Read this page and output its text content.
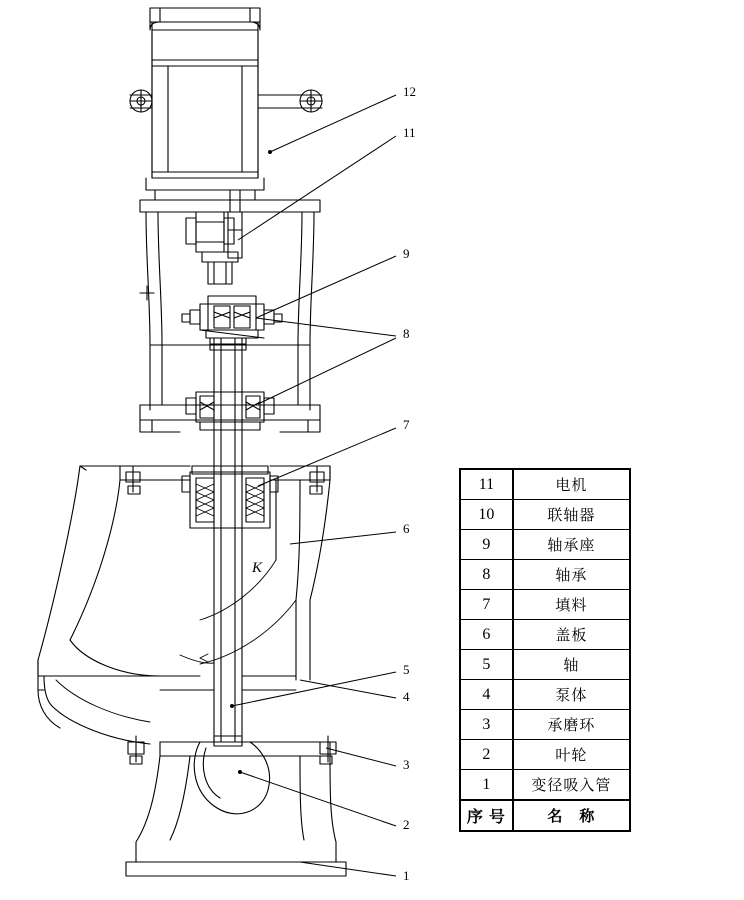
12
11
9
8
7
6
5
4
3
2
1
K
11	电机
10	联轴器
9	轴承座
8	轴承
7	填料
6	盖板
5	轴
4	泵体
3	承磨环
2	叶轮
1	变径吸入管
序 号	名　称
